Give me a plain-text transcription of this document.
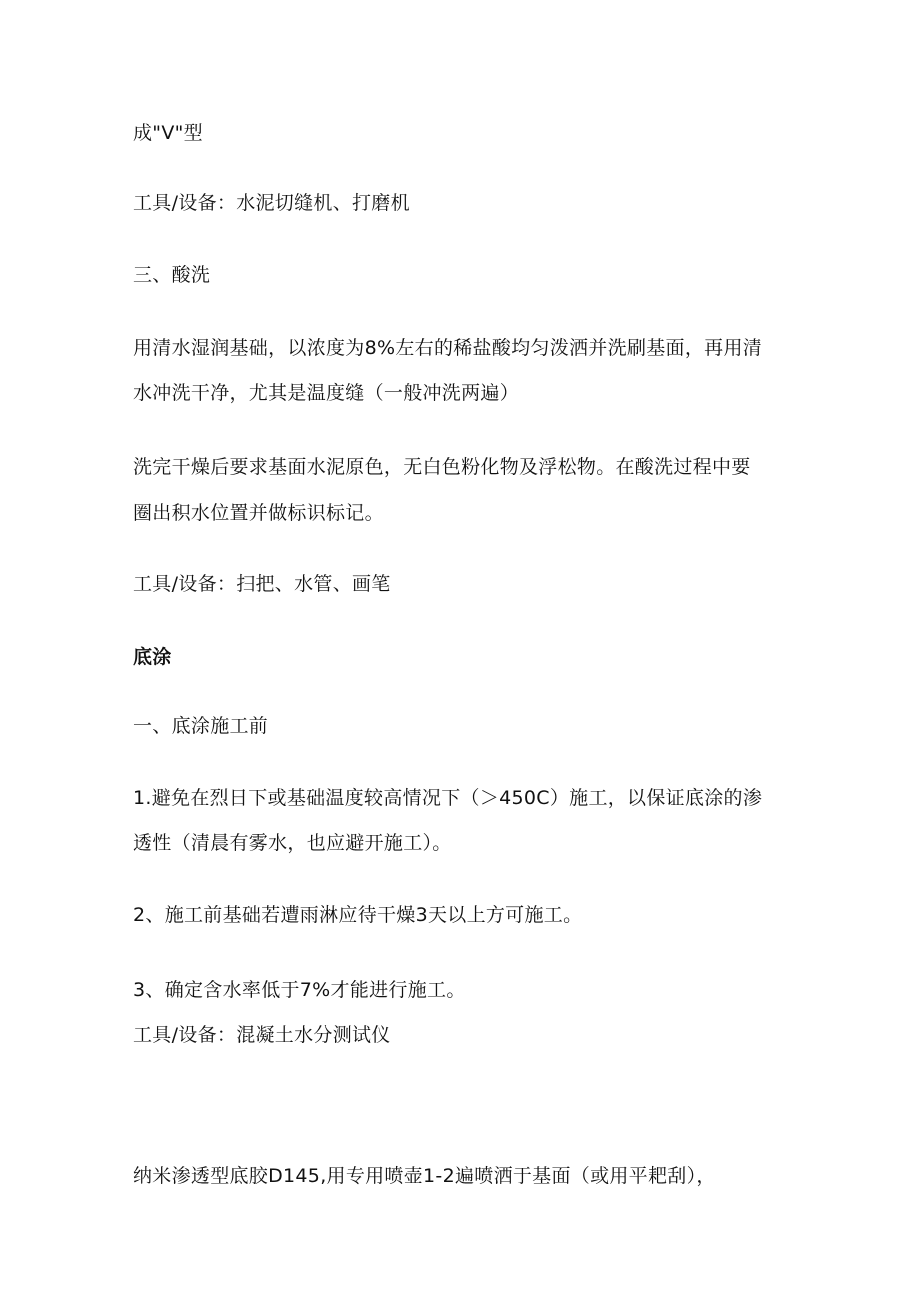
成"V"型
工具/设备：水泥切缝机、打磨机
三、酸洗
用清水湿润基础，以浓度为8%左右的稀盐酸均匀泼洒并洗刷基面，再用清
水冲洗干净，尤其是温度缝（一般冲洗两遍）
洗完干燥后要求基面水泥原色，无白色粉化物及浮松物。在酸洗过程中要
圈出积水位置并做标识标记。
工具/设备：扫把、水管、画笔
底涂
一、底涂施工前
1.避免在烈日下或基础温度较高情况下（＞450C）施工，以保证底涂的渗
透性（清晨有雾水，也应避开施工）。
2、施工前基础若遭雨淋应待干燥3天以上方可施工。
3、确定含水率低于7%才能进行施工。
工具/设备：混凝土水分测试仪
纳米渗透型底胶D145,用专用喷壶1-2遍喷洒于基面（或用平耙刮），
